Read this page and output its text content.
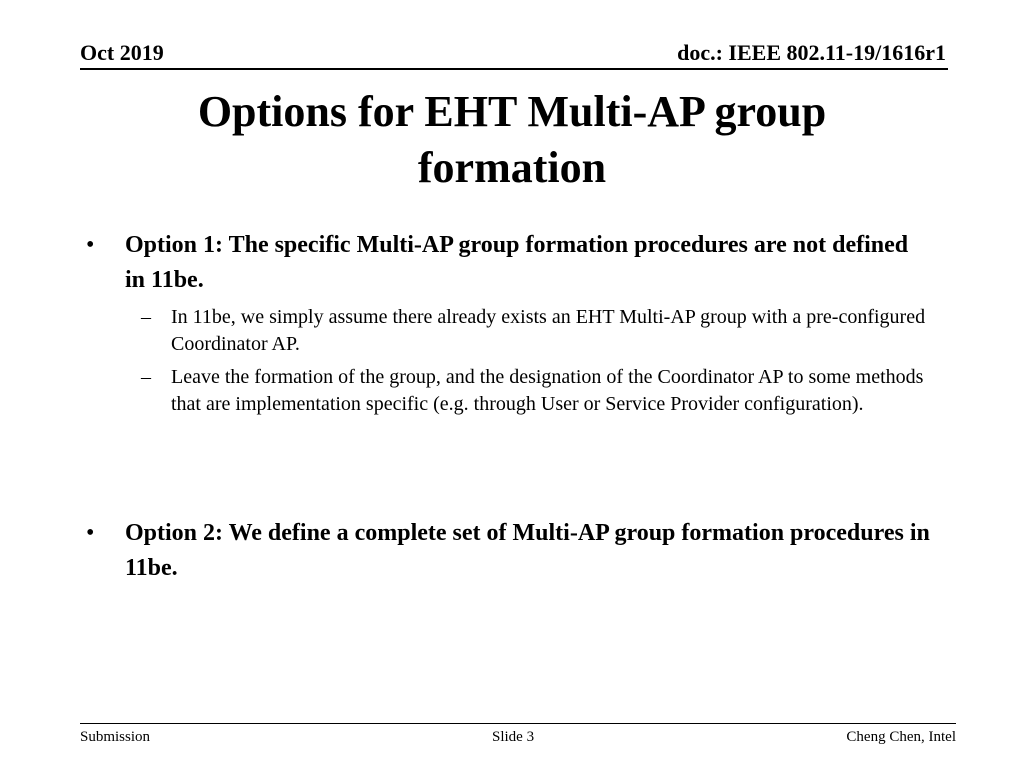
Oct 2019	doc.: IEEE 802.11-19/1616r1
Options for EHT Multi-AP group formation
• Option 1: The specific Multi-AP group formation procedures are not defined in 11be.
– In 11be, we simply assume there already exists an EHT Multi-AP group with a pre-configured Coordinator AP.
– Leave the formation of the group, and the designation of the Coordinator AP to some methods that are implementation specific (e.g. through User or Service Provider configuration).
• Option 2: We define a complete set of Multi-AP group formation procedures in 11be.
Submission	Slide 3	Cheng Chen, Intel
